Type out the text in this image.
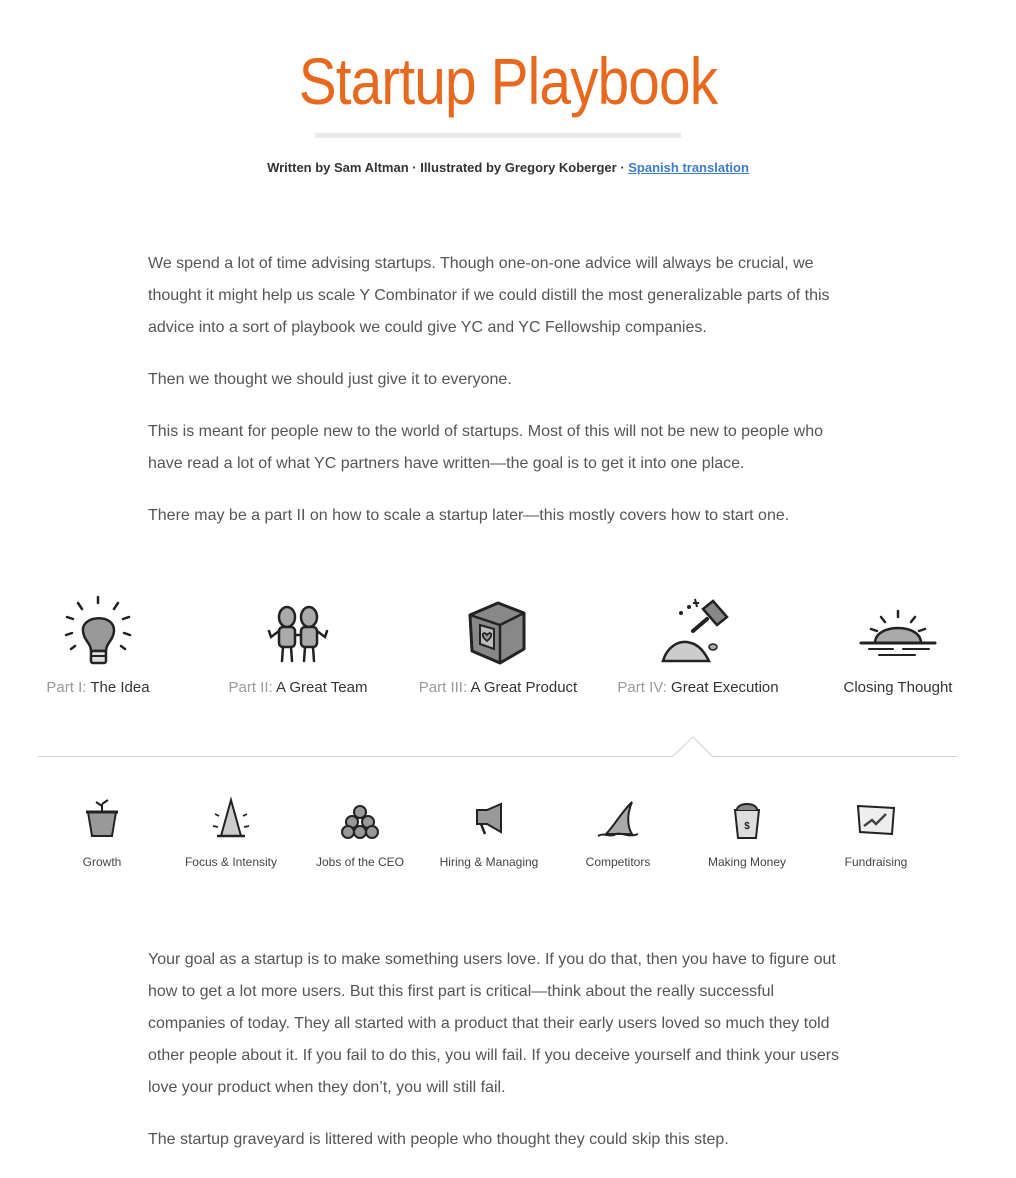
Startup Playbook
Written by Sam Altman · Illustrated by Gregory Koberger · Spanish translation

We spend a lot of time advising startups. Though one-on-one advice will always be crucial, we thought it might help us scale Y Combinator if we could distill the most generalizable parts of this advice into a sort of playbook we could give YC and YC Fellowship companies.

Then we thought we should just give it to everyone.

This is meant for people new to the world of startups. Most of this will not be new to people who have read a lot of what YC partners have written—the goal is to get it into one place.

There may be a part II on how to scale a startup later—this mostly covers how to start one.

Part I: The Idea	Part II: A Great Team	Part III: A Great Product	Part IV: Great Execution	Closing Thought
Growth	Focus & Intensity	Jobs of the CEO	Hiring & Managing	Competitors
$
Making Money	Fundraising

Your goal as a startup is to make something users love. If you do that, then you have to figure out how to get a lot more users. But this first part is critical—think about the really successful companies of today. They all started with a product that their early users loved so much they told other people about it. If you fail to do this, you will fail. If you deceive yourself and think your users love your product when they don’t, you will still fail.

The startup graveyard is littered with people who thought they could skip this step.
